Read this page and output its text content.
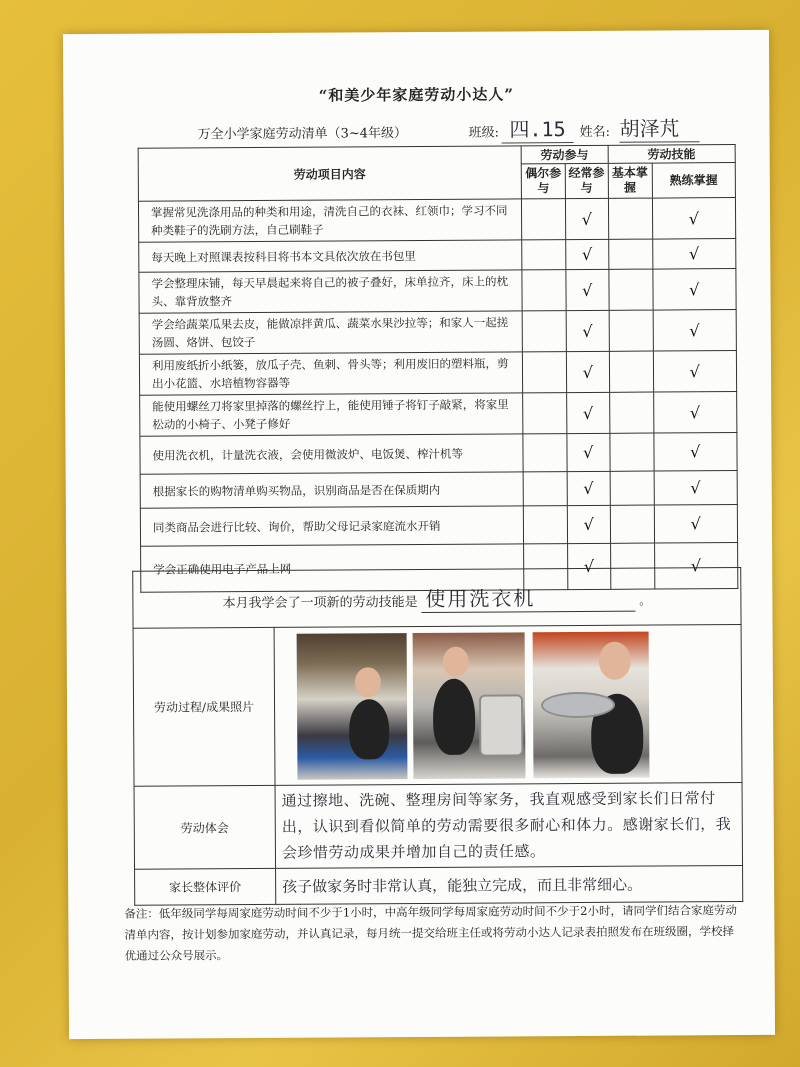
“和美少年家庭劳动小达人”
万全小学家庭劳动清单（3~4年级）	班级: 四.15	姓名: 胡泽芃
劳动项目内容	劳动参与		劳动技能	
	偶尔参与	经常参与	基本掌握	熟练掌握
掌握常见洗涤用品的种类和用途，清洗自己的衣袜、红领巾；学习不同种类鞋子的洗刷方法，自己刷鞋子		√		√
每天晚上对照课表按科目将书本文具依次放在书包里		√		√
学会整理床铺，每天早晨起来将自己的被子叠好，床单拉齐，床上的枕头、靠背放整齐		√		√
学会给蔬菜瓜果去皮，能做凉拌黄瓜、蔬菜水果沙拉等；和家人一起搓汤圆、烙饼、包饺子		√		√
利用废纸折小纸篓，放瓜子壳、鱼刺、骨头等；利用废旧的塑料瓶，剪出小花篮、水培植物容器等		√		√
能使用螺丝刀将家里掉落的螺丝拧上，能使用锤子将钉子敲紧，将家里松动的小椅子、小凳子修好		√		√
使用洗衣机，计量洗衣液，会使用微波炉、电饭煲、榨汁机等		√		√
根据家长的购物清单购买物品，识别商品是否在保质期内		√		√
同类商品会进行比较、询价，帮助父母记录家庭流水开销		√		√
学会正确使用电子产品上网		√		√
本月我学会了一项新的劳动技能是 使用洗衣机 。	
劳动过程/成果照片	

劳动体会	通过擦地、洗碗、整理房间等家务，我直观感受到家长们日常付出，认识到看似简单的劳动需要很多耐心和体力。感谢家长们，我会珍惜劳动成果并增加自己的责任感。
家长整体评价	孩子做家务时非常认真，能独立完成，而且非常细心。
备注：低年级同学每周家庭劳动时间不少于1小时，中高年级同学每周家庭劳动时间不少于2小时，请同学们结合家庭劳动清单内容，按计划参加家庭劳动，并认真记录，每月统一提交给班主任或将劳动小达人记录表拍照发布在班级圈，学校择优通过公众号展示。
